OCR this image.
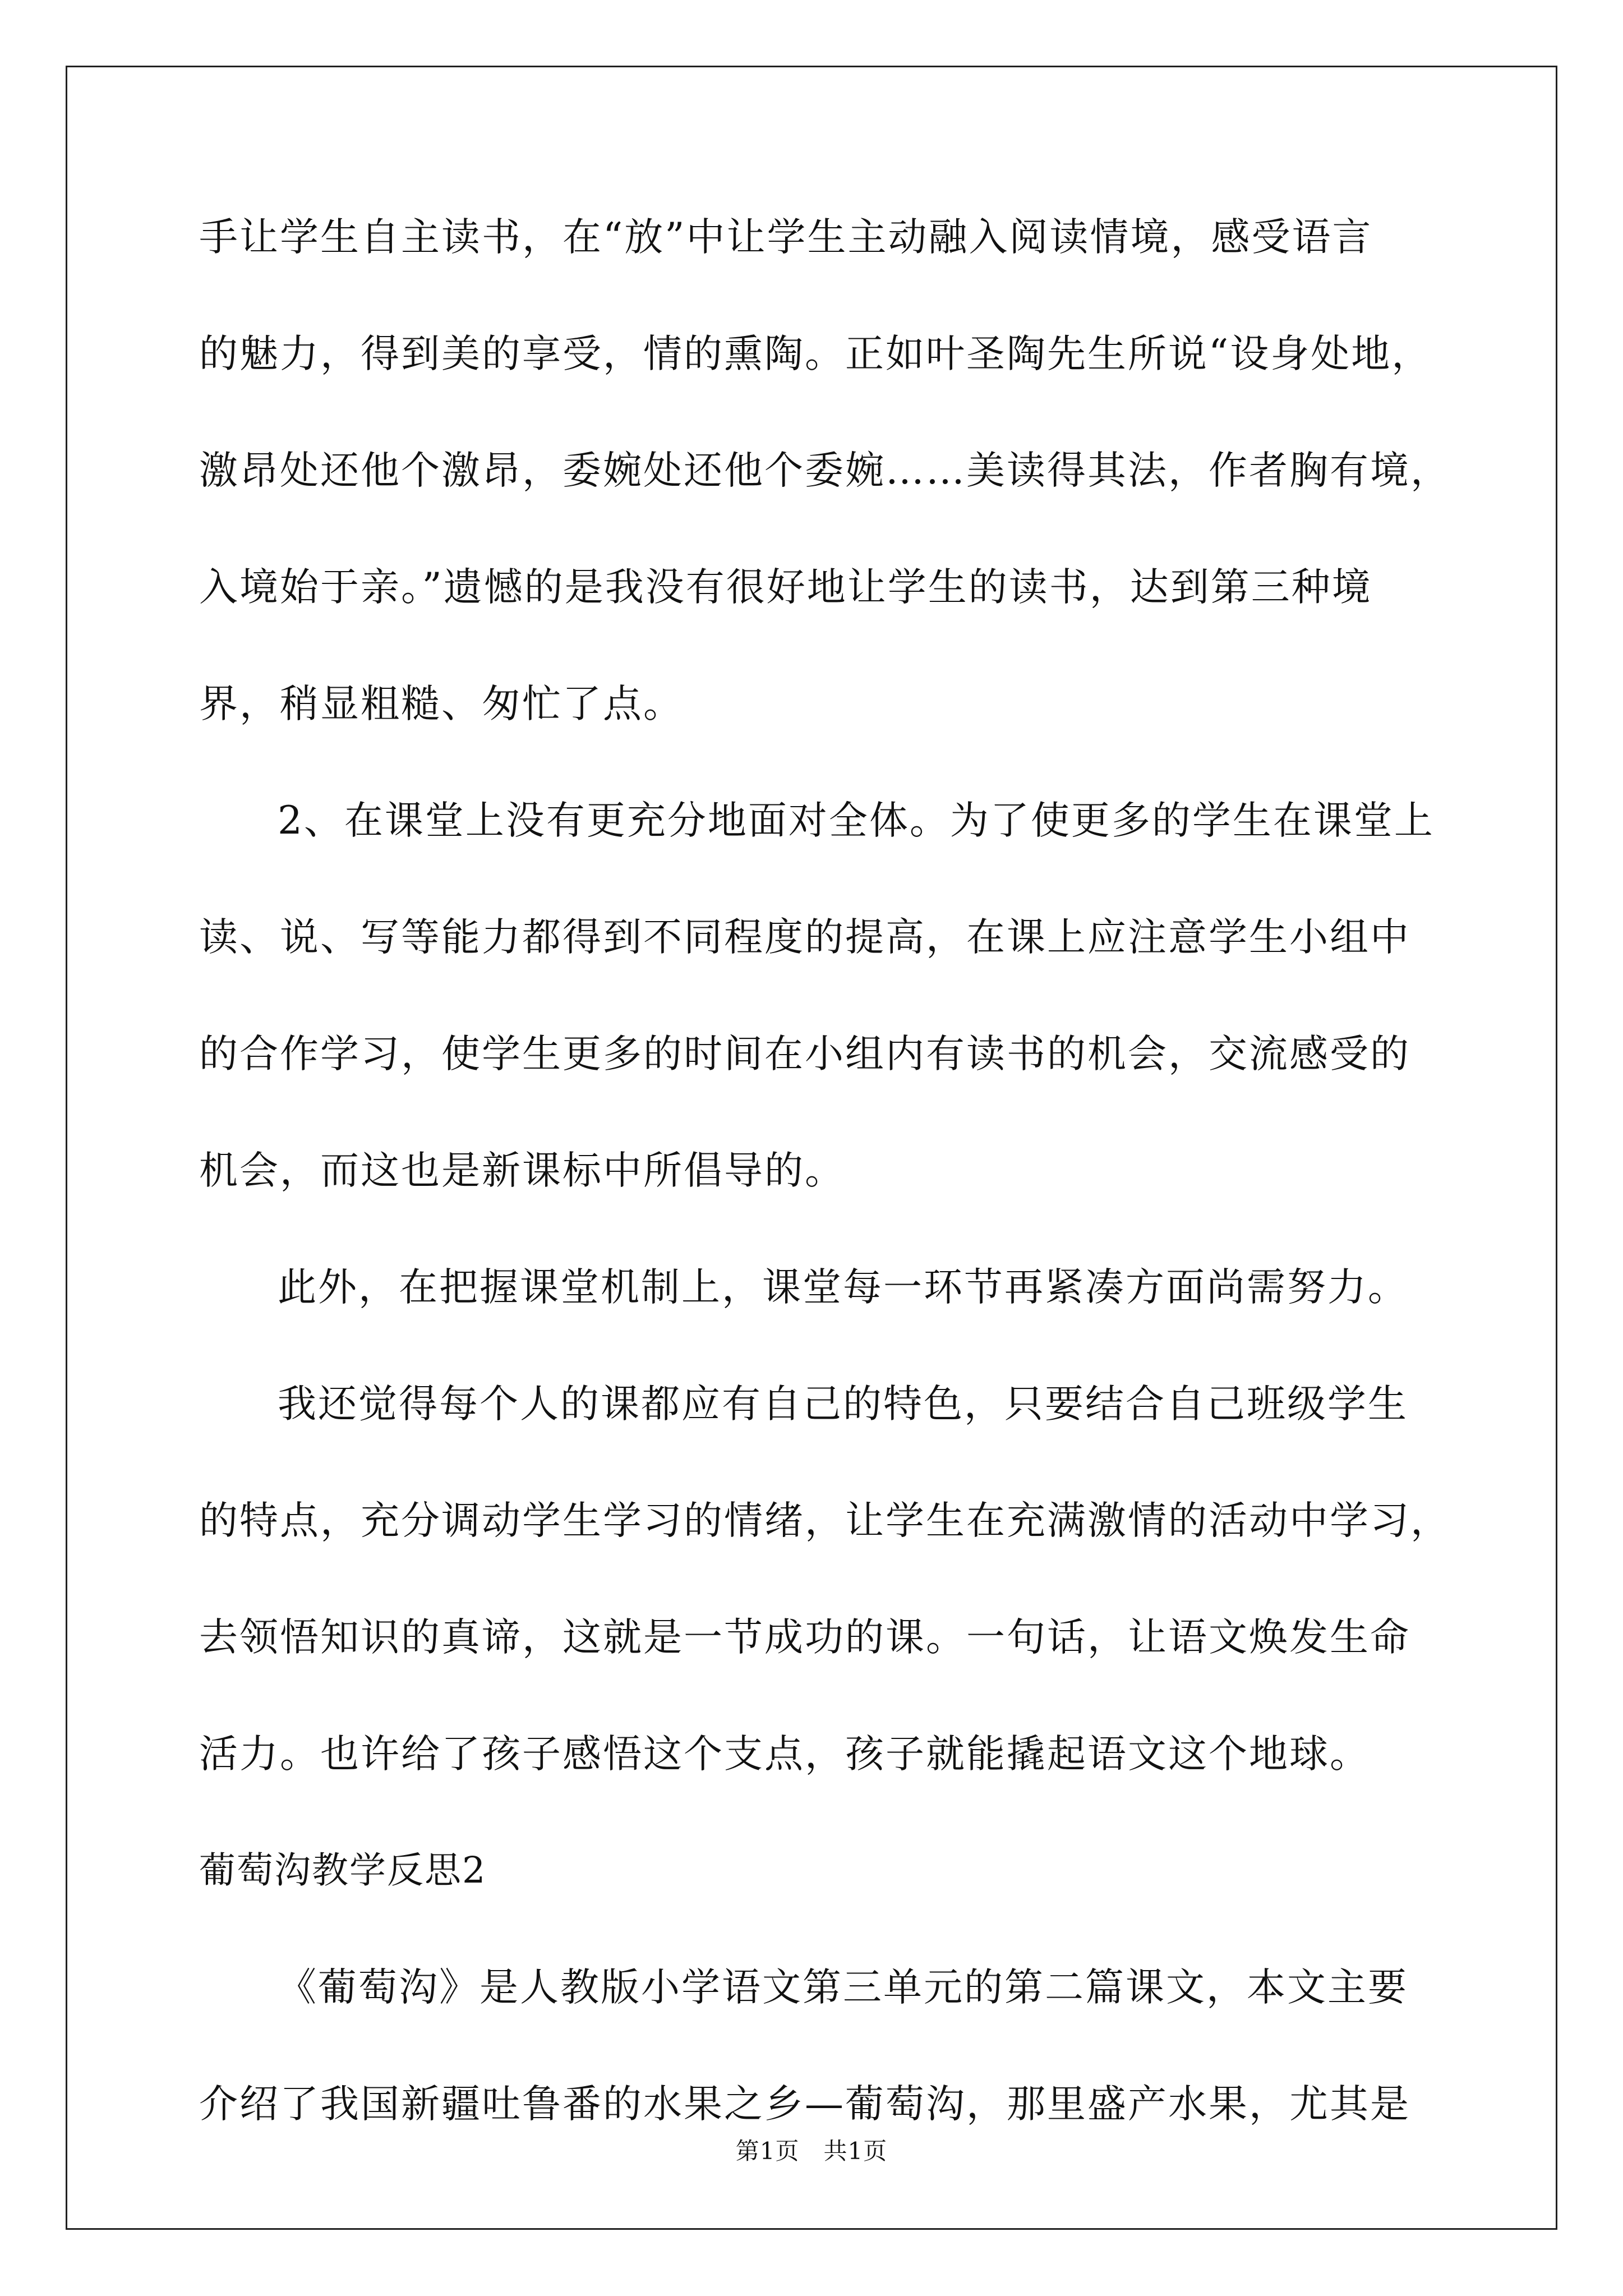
手让学生自主读书，在“放”中让学生主动融入阅读情境，感受语言
的魅力，得到美的享受，情的熏陶。正如叶圣陶先生所说“设身处地，
激昂处还他个激昂，委婉处还他个委婉……美读得其法，作者胸有境，
入境始于亲。”遗憾的是我没有很好地让学生的读书，达到第三种境
界，稍显粗糙、匆忙了点。
2、在课堂上没有更充分地面对全体。为了使更多的学生在课堂上
读、说、写等能力都得到不同程度的提高，在课上应注意学生小组中
的合作学习，使学生更多的时间在小组内有读书的机会，交流感受的
机会，而这也是新课标中所倡导的。
此外，在把握课堂机制上，课堂每一环节再紧凑方面尚需努力。
我还觉得每个人的课都应有自己的特色，只要结合自己班级学生
的特点，充分调动学生学习的情绪，让学生在充满激情的活动中学习，
去领悟知识的真谛，这就是一节成功的课。一句话，让语文焕发生命
活力。也许给了孩子感悟这个支点，孩子就能撬起语文这个地球。
葡萄沟教学反思2
《葡萄沟》是人教版小学语文第三单元的第二篇课文，本文主要
介绍了我国新疆吐鲁番的水果之乡—葡萄沟，那里盛产水果，尤其是
第1页   共1页
